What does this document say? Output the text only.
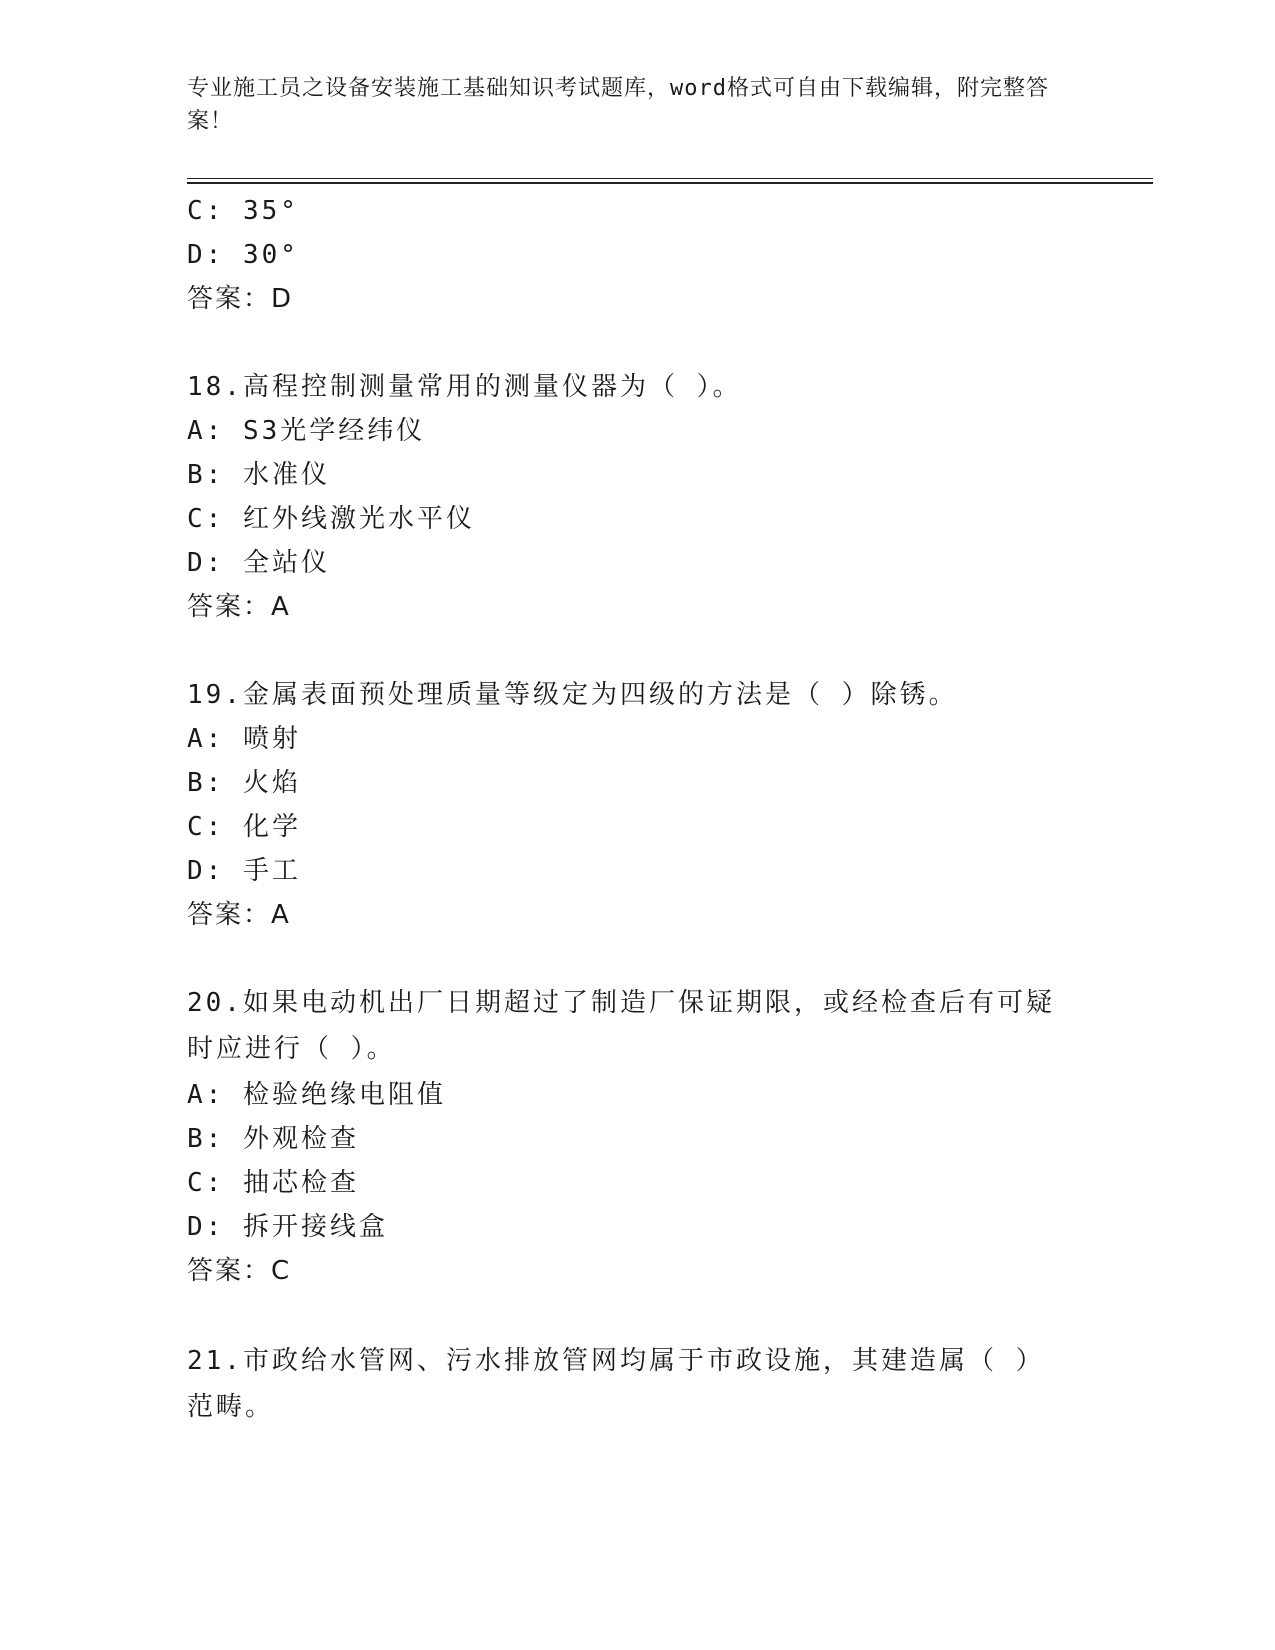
专业施工员之设备安装施工基础知识考试题库，word格式可自由下载编辑，附完整答案！
C: 35°
D: 30°
答案：D
18.高程控制测量常用的测量仪器为（ ）。
A: S3光学经纬仪
B: 水准仪
C: 红外线激光水平仪
D: 全站仪
答案：A
19.金属表面预处理质量等级定为四级的方法是（ ）除锈。
A: 喷射
B: 火焰
C: 化学
D: 手工
答案：A
20.如果电动机出厂日期超过了制造厂保证期限，或经检查后有可疑时应进行（ ）。
A: 检验绝缘电阻值
B: 外观检查
C: 抽芯检查
D: 拆开接线盒
答案：C
21.市政给水管网、污水排放管网均属于市政设施，其建造属（ ）范畴。
